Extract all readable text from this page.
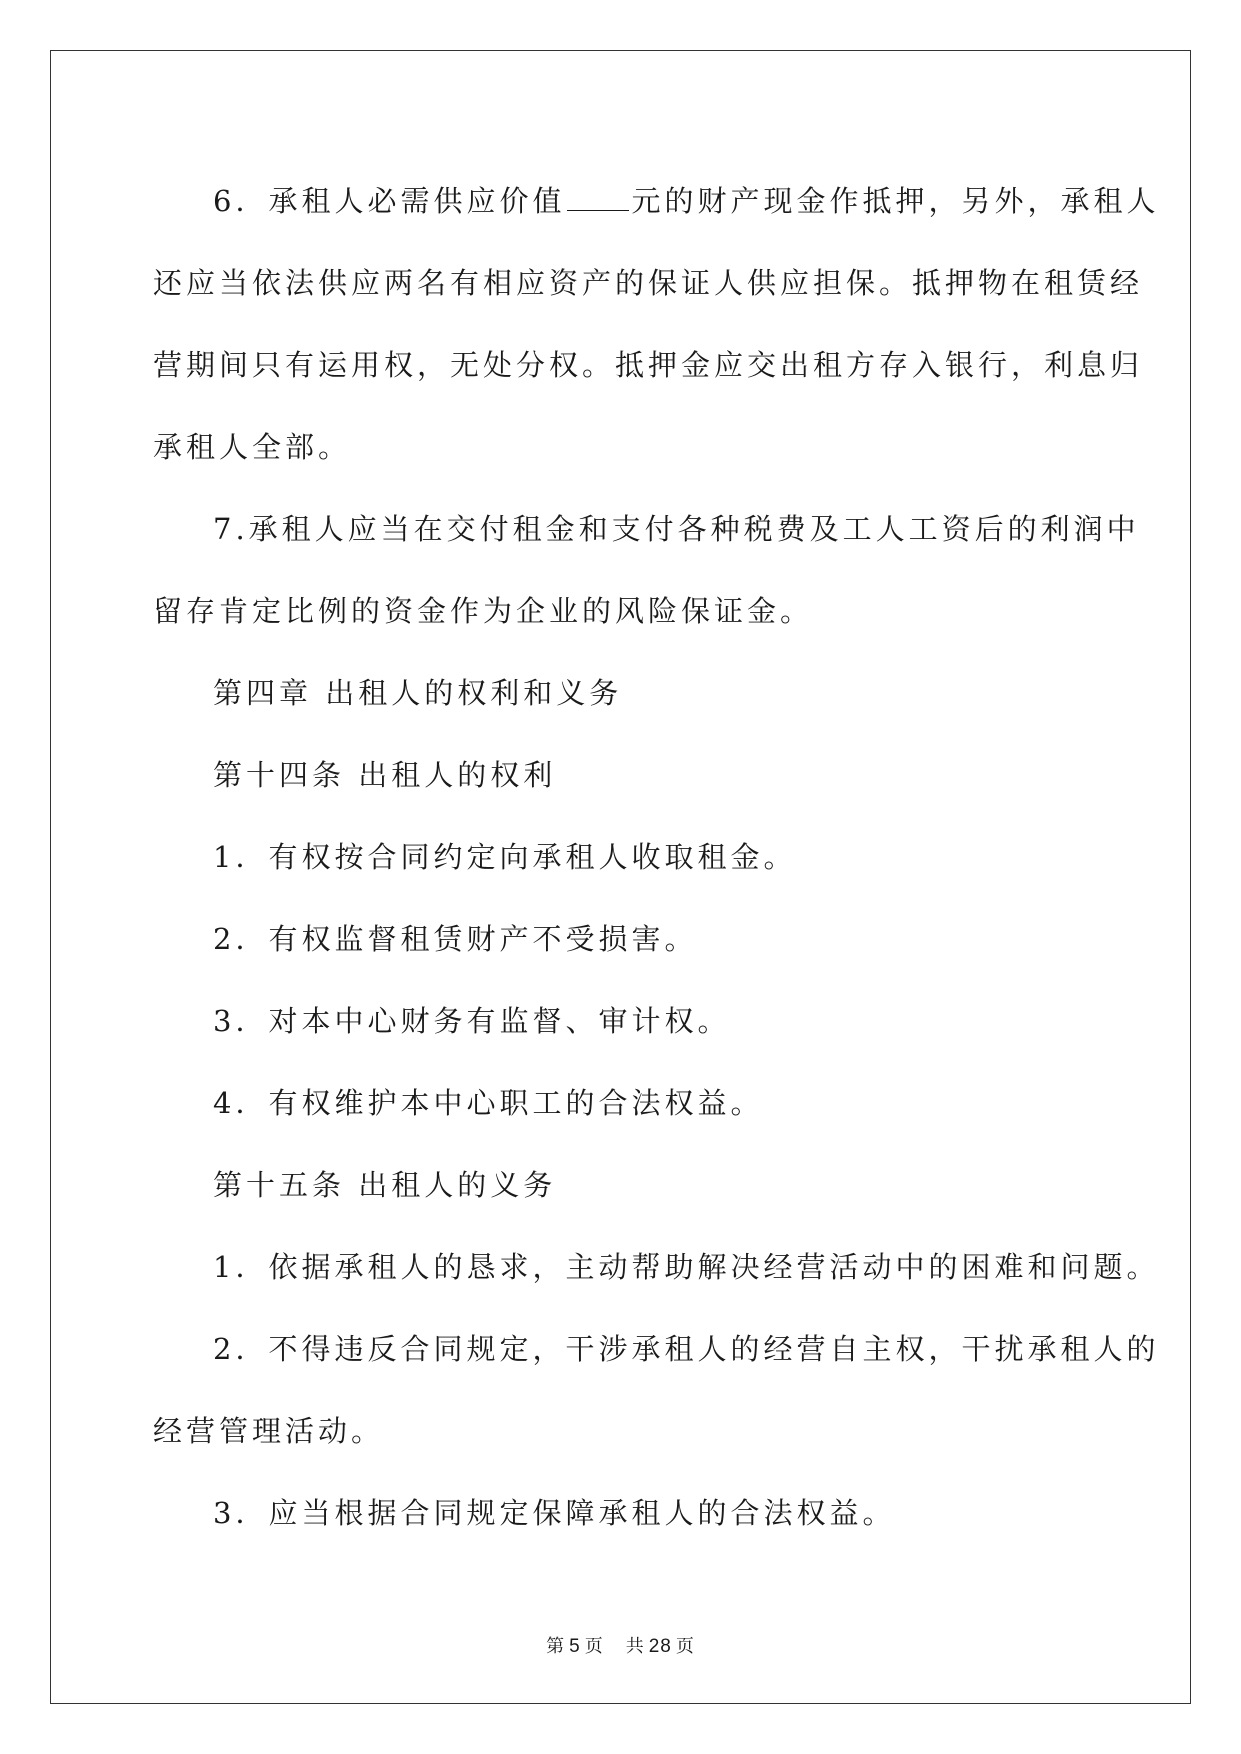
6．承租人必需供应价值 元的财产现金作抵押，另外，承租人

还应当依法供应两名有相应资产的保证人供应担保。抵押物在租赁经

营期间只有运用权，无处分权。抵押金应交出租方存入银行，利息归

承租人全部。

7.承租人应当在交付租金和支付各种税费及工人工资后的利润中

留存肯定比例的资金作为企业的风险保证金。

第四章 出租人的权利和义务

第十四条 出租人的权利

1．有权按合同约定向承租人收取租金。

2．有权监督租赁财产不受损害。

3．对本中心财务有监督、审计权。

4．有权维护本中心职工的合法权益。

第十五条 出租人的义务

1．依据承租人的恳求，主动帮助解决经营活动中的困难和问题。

2．不得违反合同规定，干涉承租人的经营自主权，干扰承租人的

经营管理活动。

3．应当根据合同规定保障承租人的合法权益。

第 5 页 共 28 页
